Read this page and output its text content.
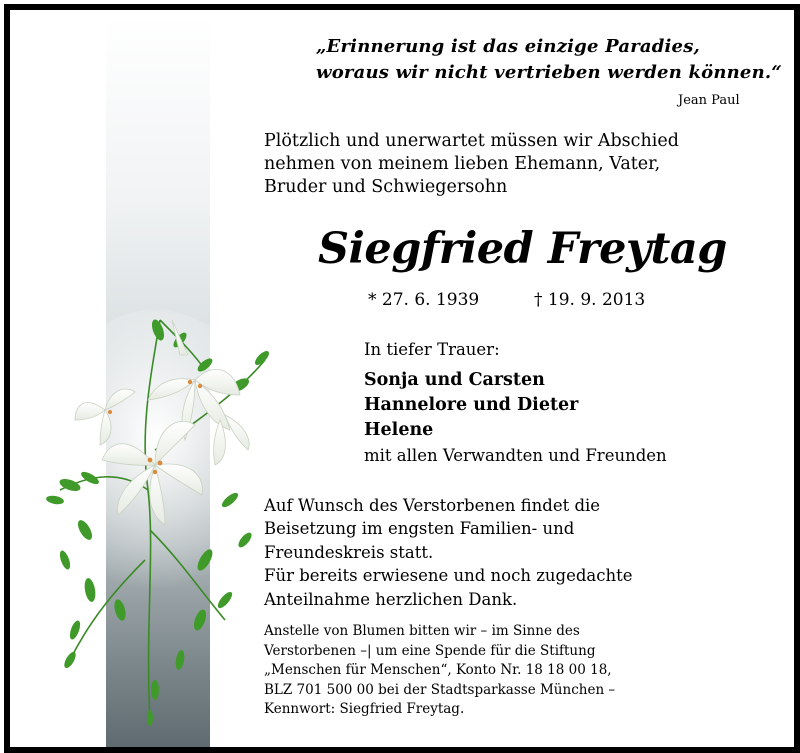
„Erinnerung ist das einzige Paradies,
woraus wir nicht vertrieben werden können.“
Jean Paul
Plötzlich und unerwartet müssen wir Abschied
nehmen von meinem lieben Ehemann, Vater,
Bruder und Schwiegersohn
Siegfried Freytag
* 27. 6. 1939	† 19. 9. 2013
In tiefer Trauer:
Sonja und Carsten
Hannelore und Dieter
Helene
mit allen Verwandten und Freunden
Auf Wunsch des Verstorbenen findet die
Beisetzung im engsten Familien- und
Freundeskreis statt.
Für bereits erwiesene und noch zugedachte
Anteilnahme herzlichen Dank.
Anstelle von Blumen bitten wir – im Sinne des
Verstorbenen –| um eine Spende für die Stiftung
„Menschen für Menschen“, Konto Nr. 18 18 00 18,
BLZ 701 500 00 bei der Stadtsparkasse München –
Kennwort: Siegfried Freytag.
